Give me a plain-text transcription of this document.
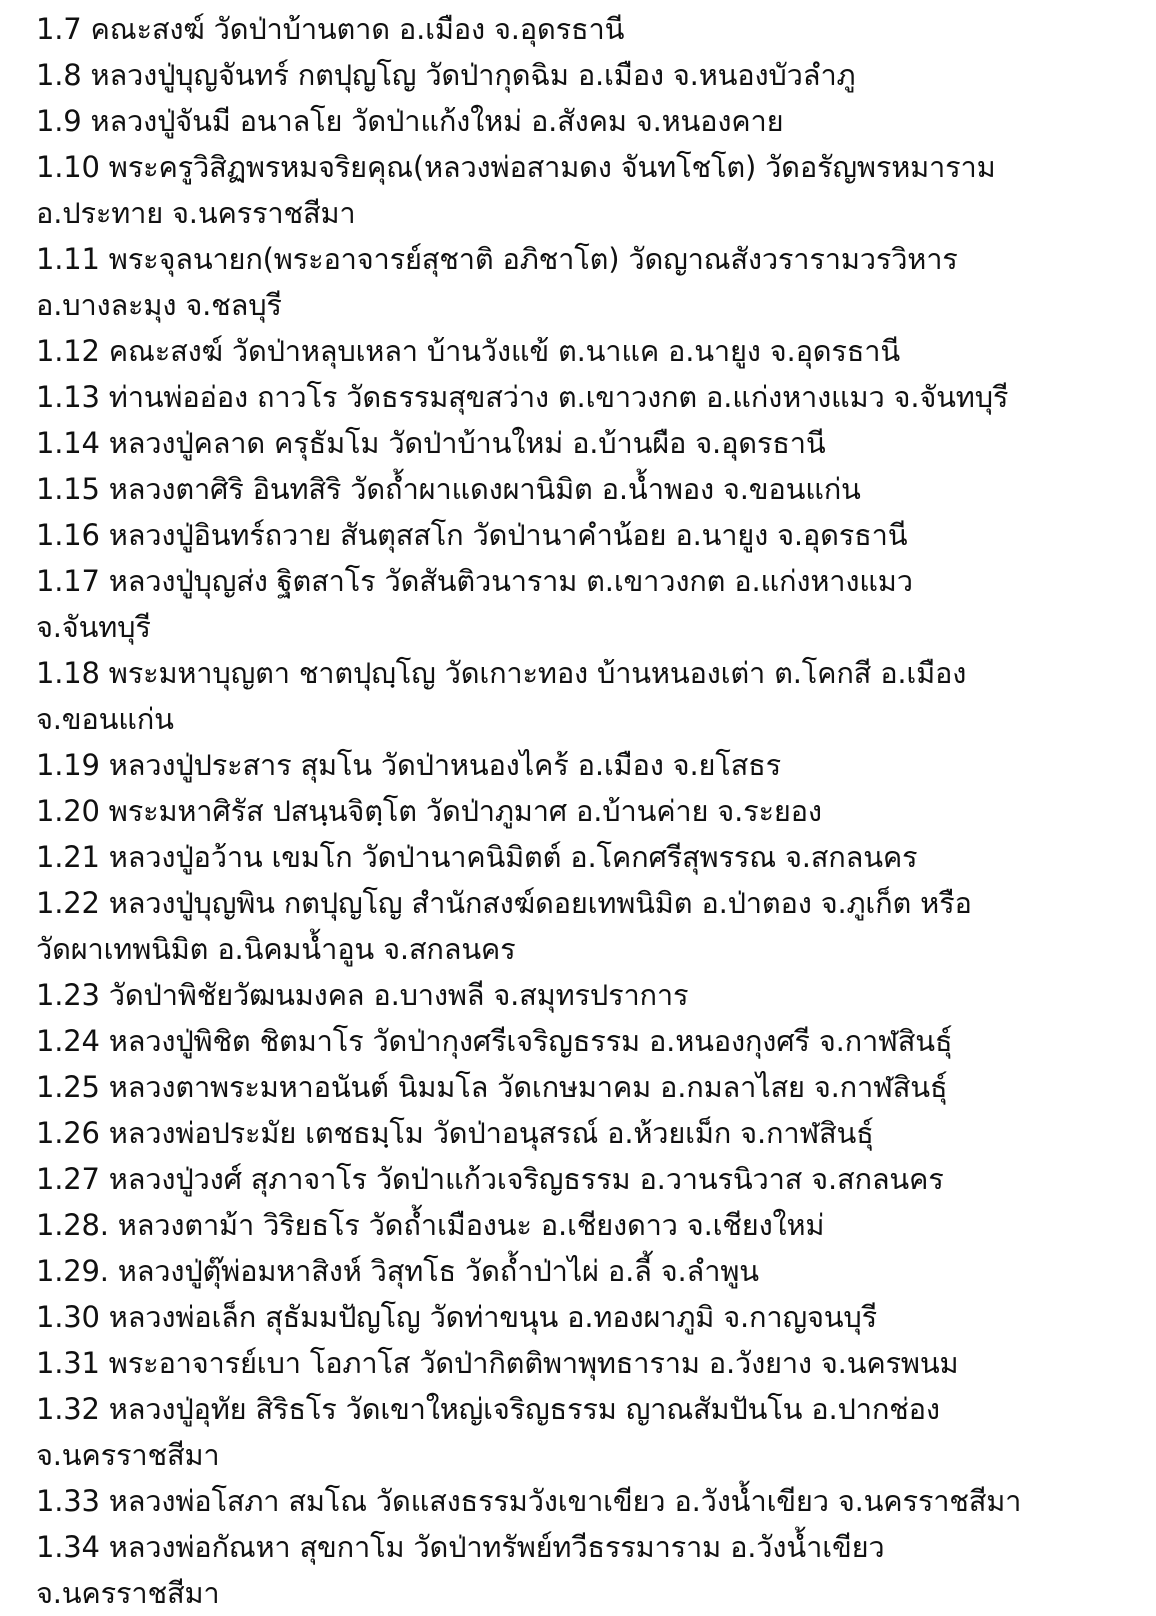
1.7 คณะสงฆ์ วัดป่าบ้านตาด อ.เมือง จ.อุดรธานี
1.8 หลวงปู่บุญจันทร์ กตปุญโญ วัดป่ากุดฉิม อ.เมือง จ.หนองบัวลำภู
1.9 หลวงปู่จันมี อนาลโย วัดป่าแก้งใหม่ อ.สังคม จ.หนองคาย
1.10 พระครูวิสิฏพรหมจริยคุณ(หลวงพ่อสามดง จันทโชโต) วัดอรัญพรหมาราม
อ.ประทาย จ.นครราชสีมา
1.11 พระจุลนายก(พระอาจารย์สุชาติ อภิชาโต) วัดญาณสังวรารามวรวิหาร
อ.บางละมุง จ.ชลบุรี
1.12 คณะสงฆ์ วัดป่าหลุบเหลา บ้านวังแข้ ต.นาแค อ.นายูง จ.อุดรธานี
1.13 ท่านพ่ออ่อง ถาวโร วัดธรรมสุขสว่าง ต.เขาวงกต อ.แก่งหางแมว จ.จันทบุรี
1.14 หลวงปู่คลาด ครุธัมโม วัดป่าบ้านใหม่ อ.บ้านผือ จ.อุดรธานี
1.15 หลวงตาศิริ อินทสิริ วัดถ้ำผาแดงผานิมิต อ.น้ำพอง จ.ขอนแก่น
1.16 หลวงปู่อินทร์ถวาย สันตุสสโก วัดป่านาคำน้อย อ.นายูง จ.อุดรธานี
1.17 หลวงปู่บุญส่ง ฐิตสาโร วัดสันติวนาราม ต.เขาวงกต อ.แก่งหางแมว
จ.จันทบุรี
1.18 พระมหาบุญตา ชาตปุญฺโญ วัดเกาะทอง บ้านหนองเต่า ต.โคกสี อ.เมือง
จ.ขอนแก่น
1.19 หลวงปู่ประสาร สุมโน วัดป่าหนองไคร้ อ.เมือง จ.ยโสธร
1.20 พระมหาศิรัส ปสนฺนจิตฺโต วัดป่าภูมาศ อ.บ้านค่าย จ.ระยอง
1.21 หลวงปู่อว้าน เขมโก วัดป่านาคนิมิตต์ อ.โคกศรีสุพรรณ จ.สกลนคร
1.22 หลวงปู่บุญพิน กตปุญโญ สำนักสงฆ์ดอยเทพนิมิต อ.ป่าตอง จ.ภูเก็ต หรือ
วัดผาเทพนิมิต อ.นิคมน้ำอูน จ.สกลนคร
1.23 วัดป่าพิชัยวัฒนมงคล อ.บางพลี จ.สมุทรปราการ
1.24 หลวงปู่พิชิต ชิตมาโร วัดป่ากุงศรีเจริญธรรม อ.หนองกุงศรี จ.กาฬสินธุ์
1.25 หลวงตาพระมหาอนันต์ นิมมโล วัดเกษมาคม อ.กมลาไสย จ.กาฬสินธุ์
1.26 หลวงพ่อประมัย เตชธมฺโม วัดป่าอนุสรณ์ อ.ห้วยเม็ก จ.กาฬสินธุ์
1.27 หลวงปู่วงศ์ สุภาจาโร วัดป่าแก้วเจริญธรรม อ.วานรนิวาส จ.สกลนคร
1.28. หลวงตาม้า วิริยธโร วัดถ้ำเมืองนะ อ.เชียงดาว จ.เชียงใหม่
1.29. หลวงปู่ตุ๊พ่อมหาสิงห์ วิสุทโธ วัดถ้ำป่าไผ่ อ.ลี้ จ.ลำพูน
1.30 หลวงพ่อเล็ก สุธัมมปัญโญ วัดท่าขนุน อ.ทองผาภูมิ จ.กาญจนบุรี
1.31 พระอาจารย์เบา โอภาโส วัดป่ากิตติพาพุทธาราม อ.วังยาง จ.นครพนม
1.32 หลวงปู่อุทัย สิริธโร วัดเขาใหญ่เจริญธรรม ญาณสัมปันโน อ.ปากช่อง
จ.นครราชสีมา
1.33 หลวงพ่อโสภา สมโณ วัดแสงธรรมวังเขาเขียว อ.วังน้ำเขียว จ.นครราชสีมา
1.34 หลวงพ่อกัณหา สุขกาโม วัดป่าทรัพย์ทวีธรรมาราม อ.วังน้ำเขียว
จ.นครราชสีมา
